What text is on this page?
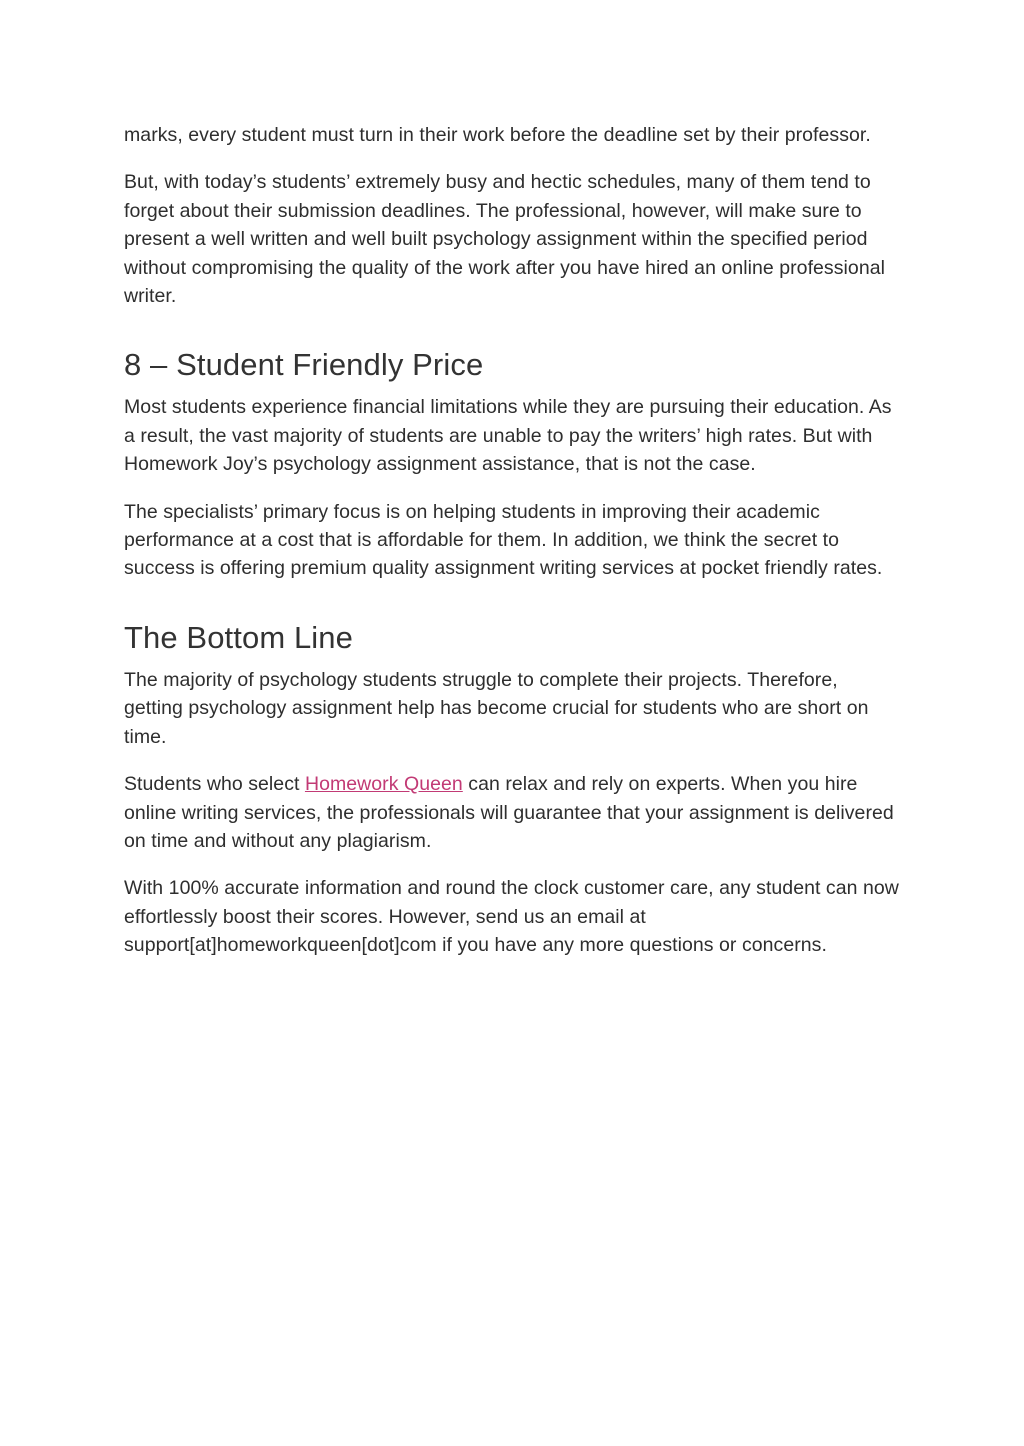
marks, every student must turn in their work before the deadline set by their professor.

But, with today’s students’ extremely busy and hectic schedules, many of them tend to forget about their submission deadlines. The professional, however, will make sure to present a well written and well built psychology assignment within the specified period without compromising the quality of the work after you have hired an online professional writer.

8 – Student Friendly Price

Most students experience financial limitations while they are pursuing their education. As a result, the vast majority of students are unable to pay the writers’ high rates. But with Homework Joy’s psychology assignment assistance, that is not the case.

The specialists’ primary focus is on helping students in improving their academic performance at a cost that is affordable for them. In addition, we think the secret to success is offering premium quality assignment writing services at pocket friendly rates.

The Bottom Line

The majority of psychology students struggle to complete their projects. Therefore, getting psychology assignment help has become crucial for students who are short on time.

Students who select Homework Queen can relax and rely on experts. When you hire online writing services, the professionals will guarantee that your assignment is delivered on time and without any plagiarism.

With 100% accurate information and round the clock customer care, any student can now effortlessly boost their scores. However, send us an email at support[at]homeworkqueen[dot]com if you have any more questions or concerns.
